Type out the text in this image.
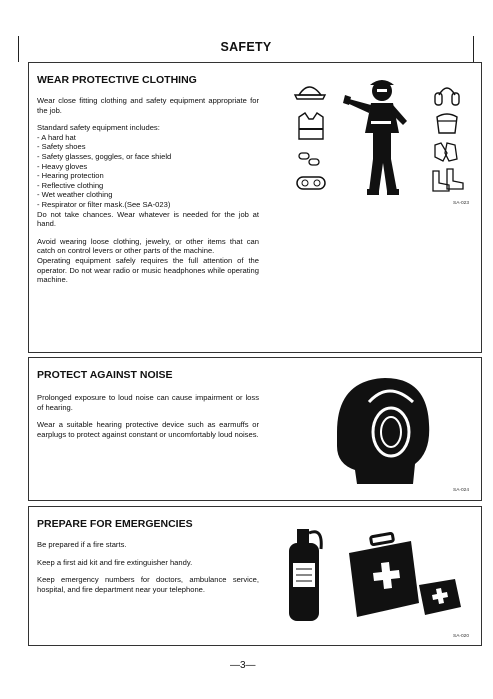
SAFETY
WEAR PROTECTIVE CLOTHING

Wear close fitting clothing and safety equipment appropriate for the job.

Standard safety equipment includes:

- A hard hat
- Safety shoes
- Safety glasses, goggles, or face shield
- Heavy gloves
- Hearing protection
- Reflective clothing
- Wet weather clothing
- Respirator or filter mask.(See SA-023)

Do not take chances. Wear whatever is needed for the job at hand.

Avoid wearing loose clothing, jewelry, or other items that can catch on control levers or other parts of the machine.

Operating equipment safely requires the full attention of the operator. Do not wear radio or music headphones while operating machine.

SA-023
PROTECT AGAINST NOISE

Prolonged exposure to loud noise can cause impairment or loss of hearing.

Wear a suitable hearing protective device such as earmuffs or earplugs to protect against constant or uncomfortably loud noises.

SA-024
PREPARE FOR EMERGENCIES

Be prepared if a fire starts.

Keep a first aid kit and fire extinguisher handy.

Keep emergency numbers for doctors, ambulance service, hospital, and fire department near your telephone.

SA-020
—3—
